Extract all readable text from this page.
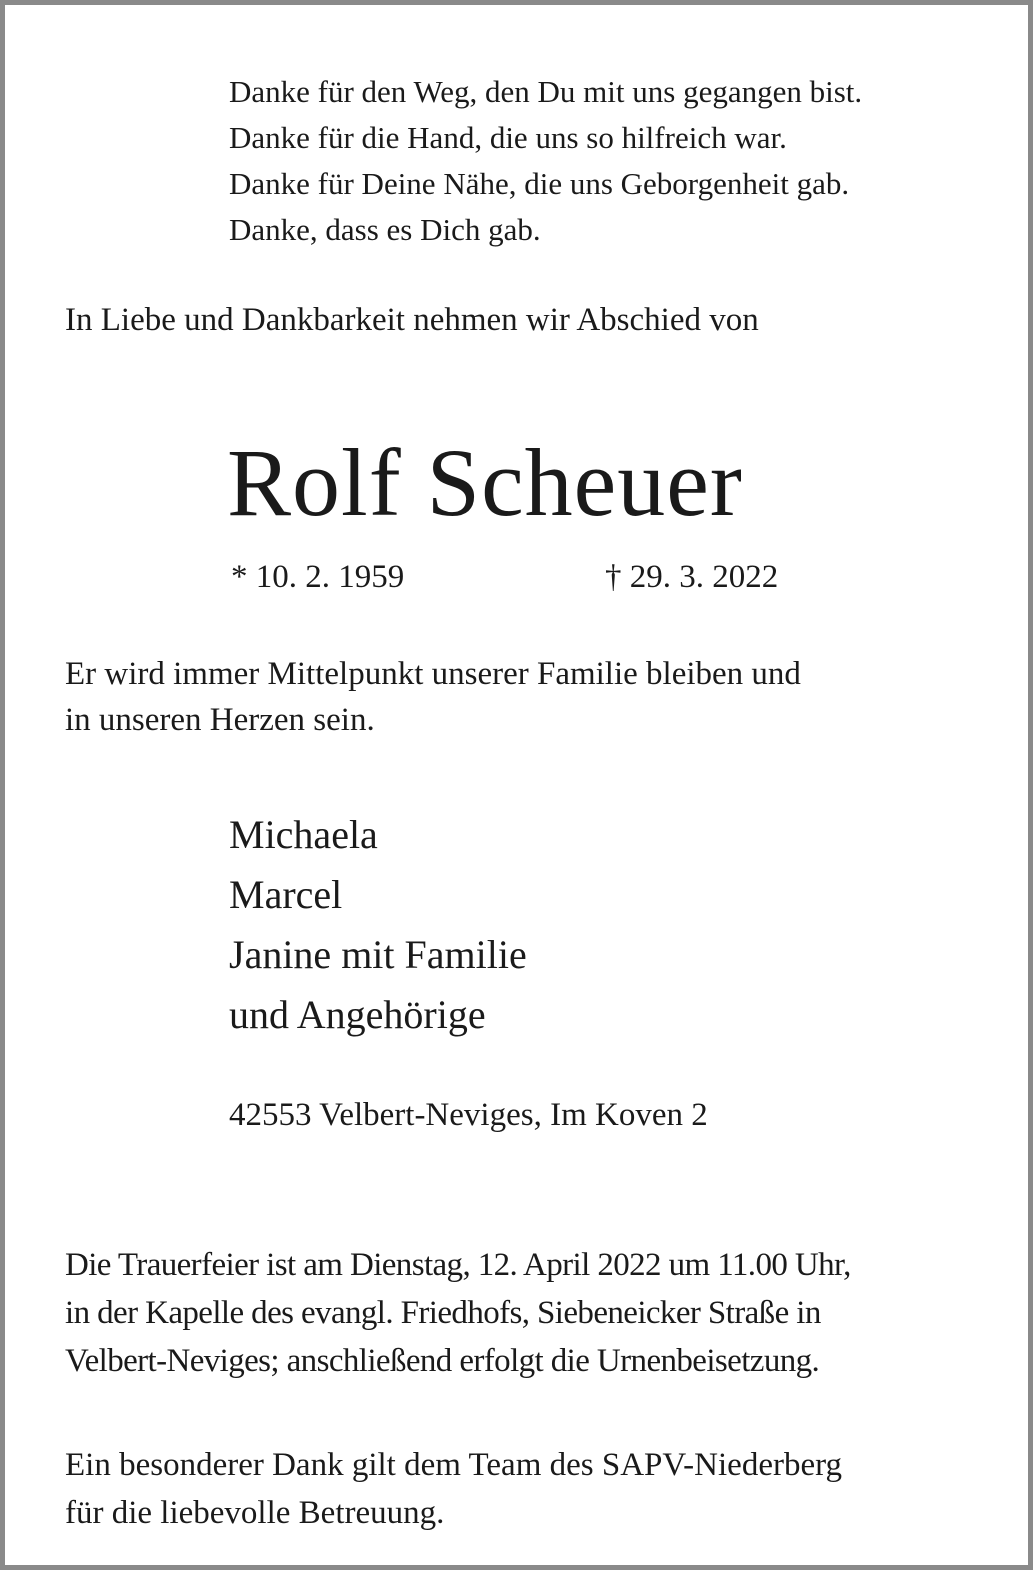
Danke für den Weg, den Du mit uns gegangen bist.
Danke für die Hand, die uns so hilfreich war.
Danke für Deine Nähe, die uns Geborgenheit gab.
Danke, dass es Dich gab.
In Liebe und Dankbarkeit nehmen wir Abschied von
Rolf Scheuer
* 10. 2. 1959	† 29. 3. 2022
Er wird immer Mittelpunkt unserer Familie bleiben und
in unseren Herzen sein.
Michaela
Marcel
Janine mit Familie
und Angehörige
42553 Velbert-Neviges, Im Koven 2
Die Trauerfeier ist am Dienstag, 12. April 2022 um 11.00 Uhr,
in der Kapelle des evangl. Friedhofs, Siebeneicker Straße in
Velbert-Neviges; anschließend erfolgt die Urnenbeisetzung.
Ein besonderer Dank gilt dem Team des SAPV-Niederberg
für die liebevolle Betreuung.
